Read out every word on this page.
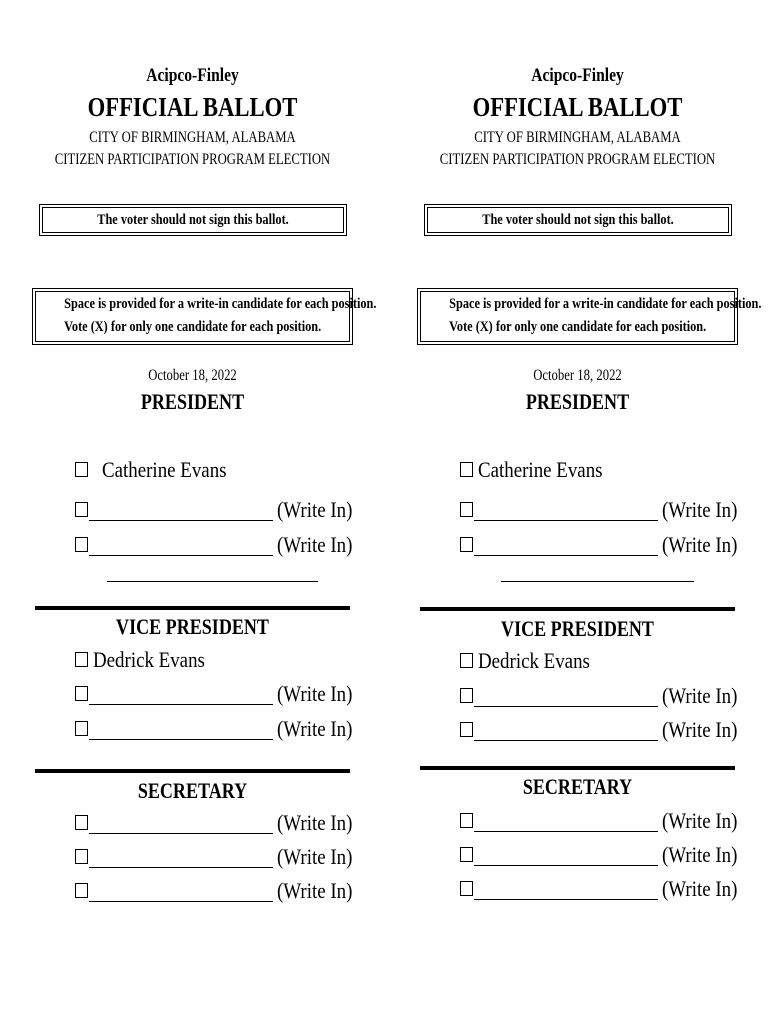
Acipco-Finley
OFFICIAL BALLOT
CITY OF BIRMINGHAM, ALABAMA
CITIZEN PARTICIPATION PROGRAM ELECTION
The voter should not sign this ballot.
Space is provided for a write-in candidate for each position.
Vote (X) for only one candidate for each position.
October 18, 2022
PRESIDENT
Catherine Evans
(Write In)
(Write In)
VICE PRESIDENT
Dedrick Evans
(Write In)
(Write In)
SECRETARY
(Write In)
(Write In)
(Write In)
Acipco-Finley
OFFICIAL BALLOT
CITY OF BIRMINGHAM, ALABAMA
CITIZEN PARTICIPATION PROGRAM ELECTION
The voter should not sign this ballot.
Space is provided for a write-in candidate for each position.
Vote (X) for only one candidate for each position.
October 18, 2022
PRESIDENT
Catherine Evans
(Write In)
(Write In)
VICE PRESIDENT
Dedrick Evans
(Write In)
(Write In)
SECRETARY
(Write In)
(Write In)
(Write In)
